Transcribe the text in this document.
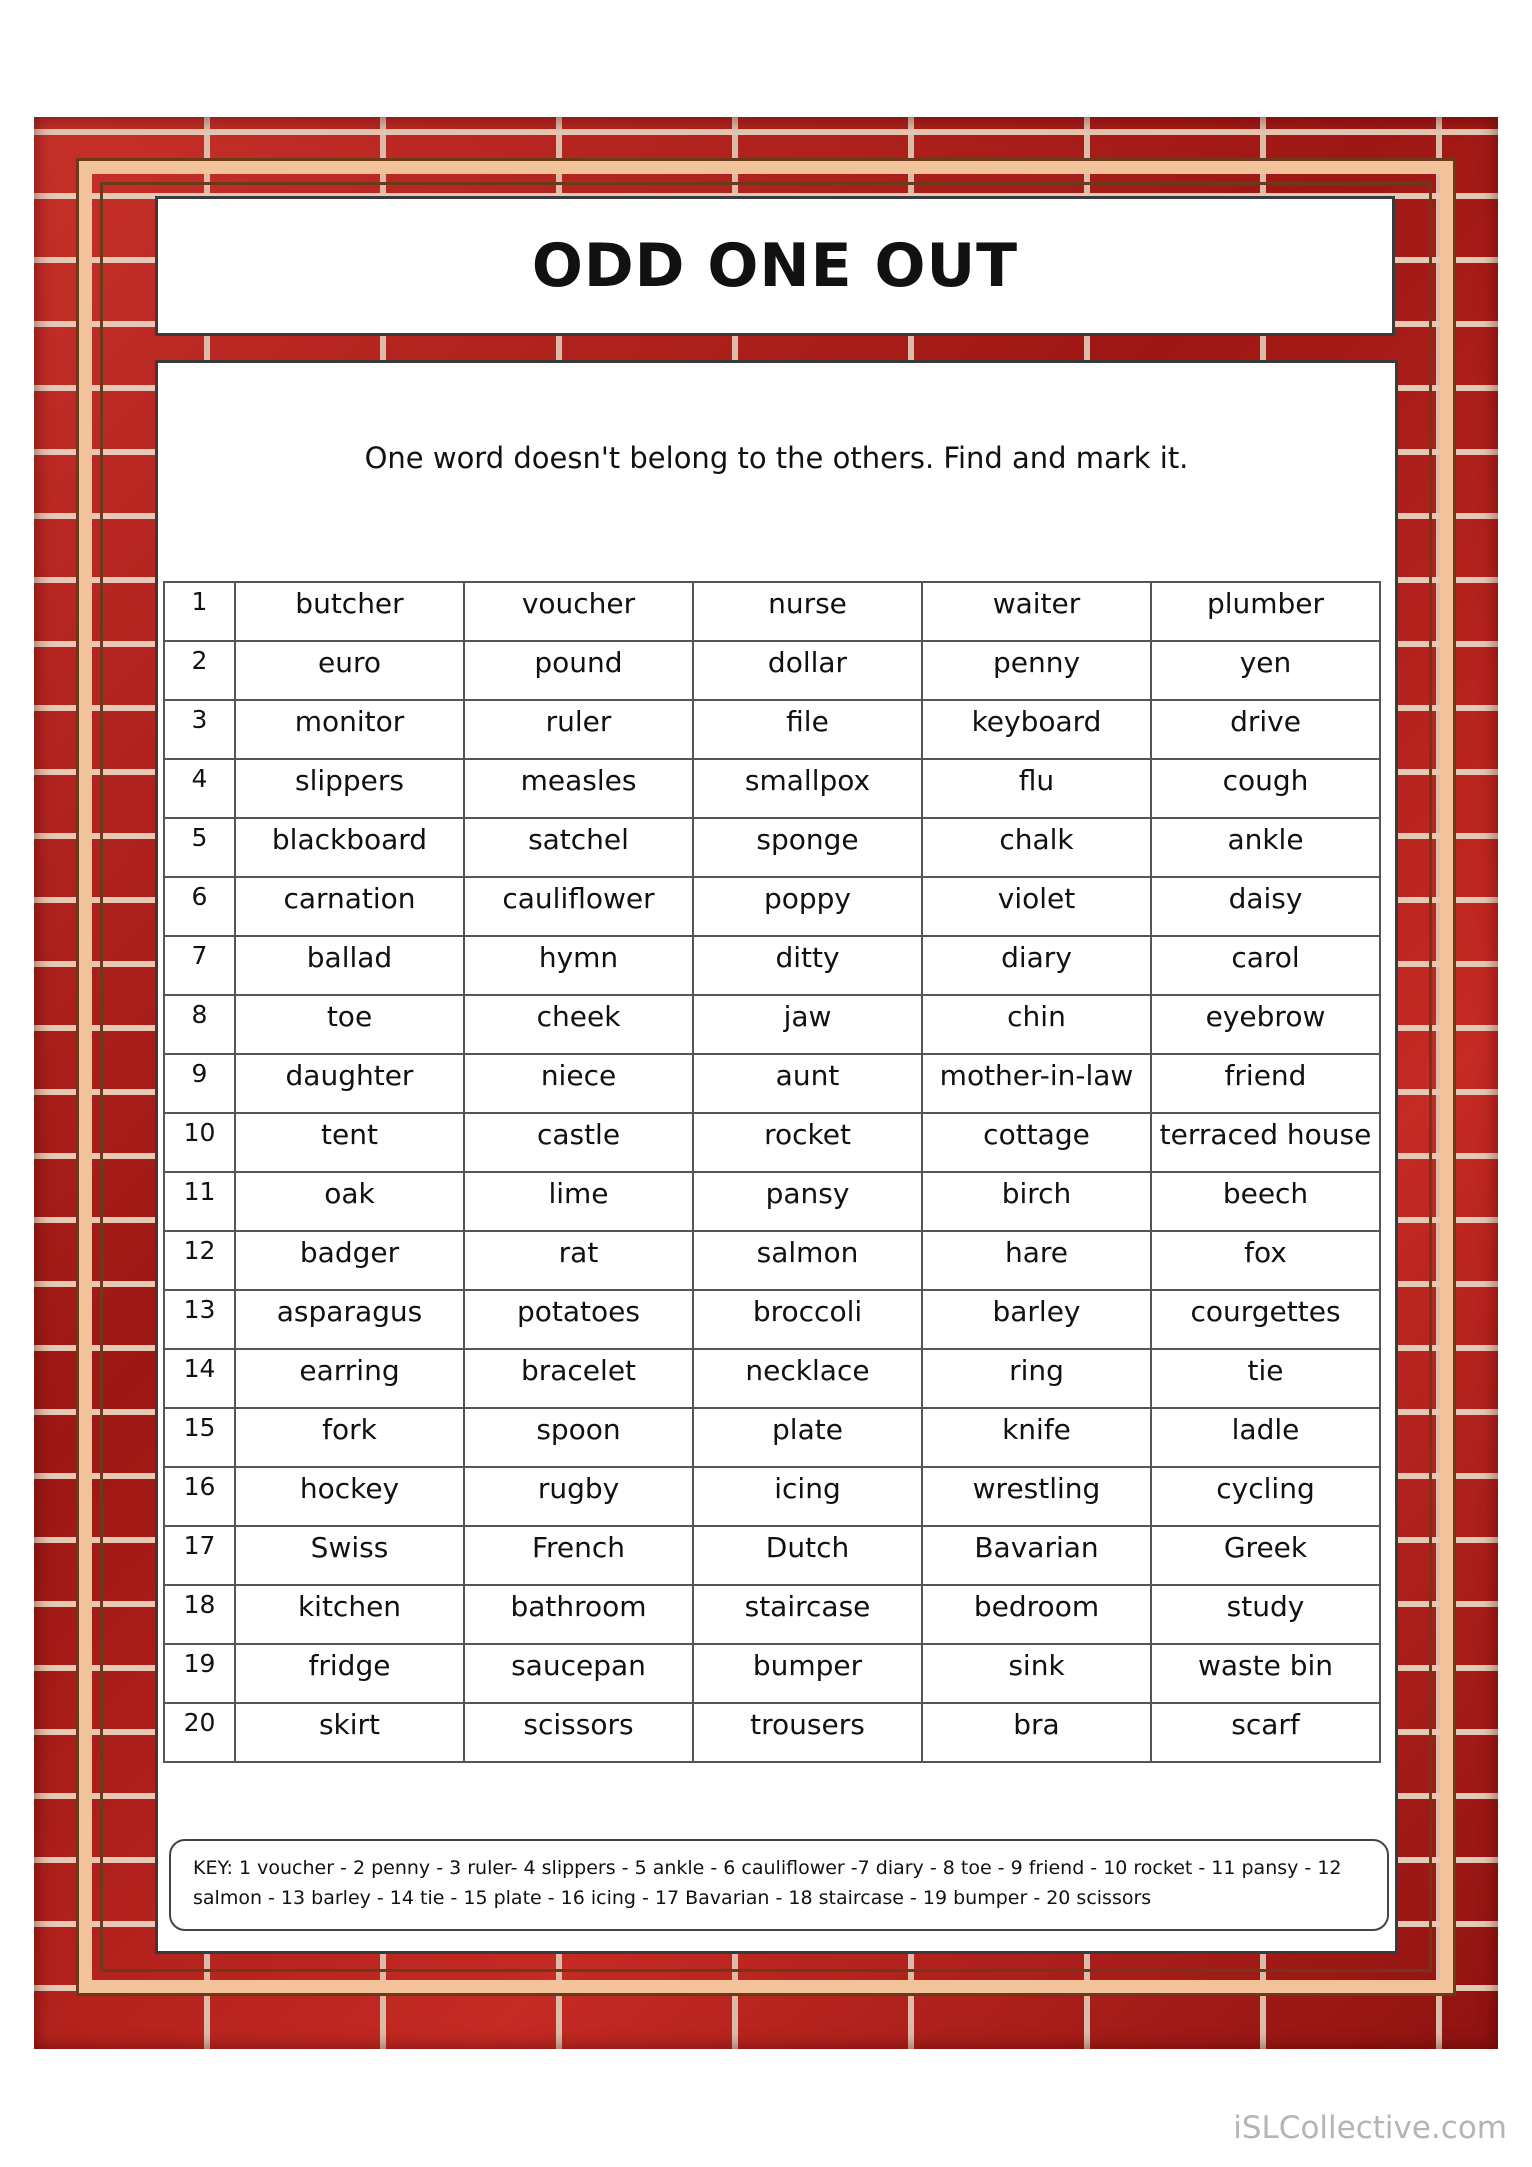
ODD ONE OUT
One word doesn't belong to the others. Find and mark it.
1	butcher	voucher	nurse	waiter	plumber
2	euro	pound	dollar	penny	yen
3	monitor	ruler	file	keyboard	drive
4	slippers	measles	smallpox	flu	cough
5	blackboard	satchel	sponge	chalk	ankle
6	carnation	cauliflower	poppy	violet	daisy
7	ballad	hymn	ditty	diary	carol
8	toe	cheek	jaw	chin	eyebrow
9	daughter	niece	aunt	mother-in-law	friend
10	tent	castle	rocket	cottage	terraced house
11	oak	lime	pansy	birch	beech
12	badger	rat	salmon	hare	fox
13	asparagus	potatoes	broccoli	barley	courgettes
14	earring	bracelet	necklace	ring	tie
15	fork	spoon	plate	knife	ladle
16	hockey	rugby	icing	wrestling	cycling
17	Swiss	French	Dutch	Bavarian	Greek
18	kitchen	bathroom	staircase	bedroom	study
19	fridge	saucepan	bumper	sink	waste bin
20	skirt	scissors	trousers	bra	scarf
KEY: 1 voucher - 2 penny - 3 ruler- 4 slippers - 5 ankle - 6 cauliflower -7 diary - 8 toe - 9 friend - 10 rocket - 11 pansy - 12 salmon - 13 barley - 14 tie - 15 plate - 16 icing - 17 Bavarian - 18 staircase - 19 bumper - 20 scissors
iSLCollective.com
